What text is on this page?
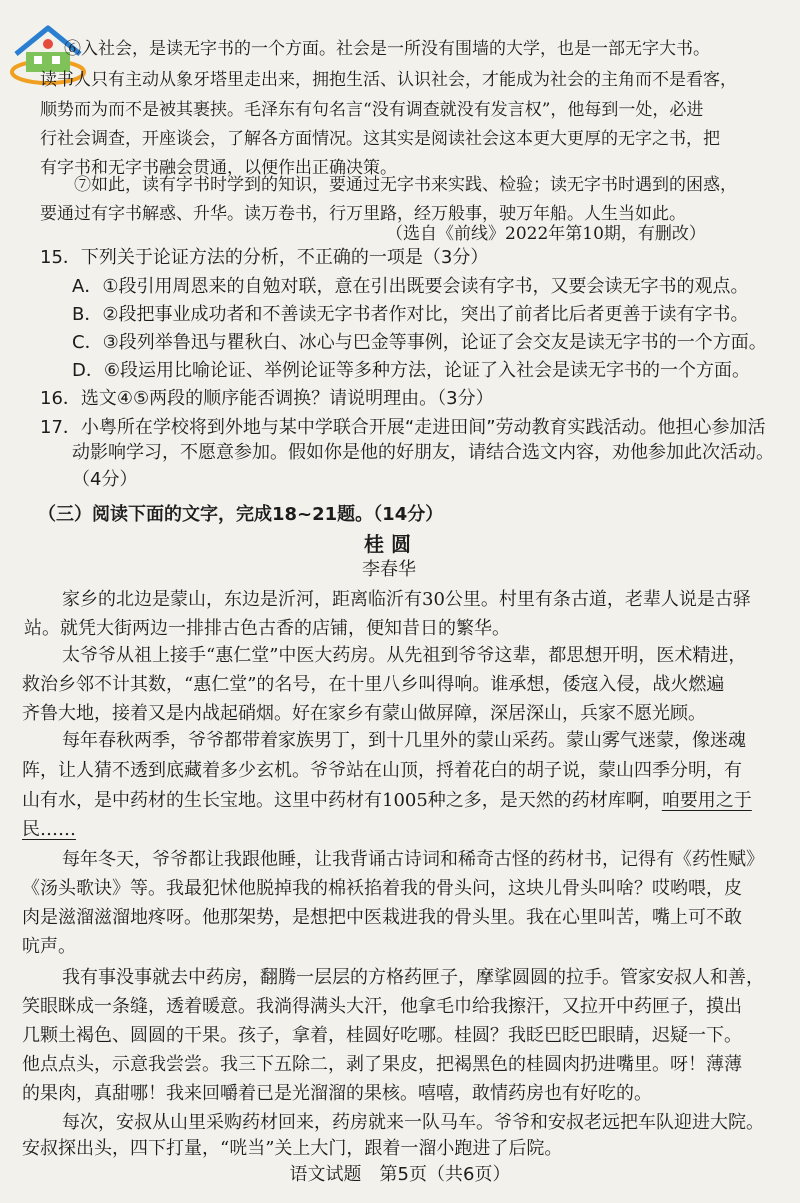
⑥入社会，是读无字书的一个方面。社会是一所没有围墙的大学，也是一部无字大书。
读书人只有主动从象牙塔里走出来，拥抱生活、认识社会，才能成为社会的主角而不是看客，
顺势而为而不是被其裹挟。毛泽东有句名言“没有调查就没有发言权”，他每到一处，必进
行社会调查，开座谈会，了解各方面情况。这其实是阅读社会这本更大更厚的无字之书，把
有字书和无字书融会贯通，以便作出正确决策。
⑦如此，读有字书时学到的知识，要通过无字书来实践、检验；读无字书时遇到的困惑，
要通过有字书解惑、升华。读万卷书，行万里路，经万般事，驶万年船。人生当如此。
（选自《前线》2022年第10期，有删改）
15．下列关于论证方法的分析，不正确的一项是（3分）
A．①段引用周恩来的自勉对联，意在引出既要会读有字书，又要会读无字书的观点。
B．②段把事业成功者和不善读无字书者作对比，突出了前者比后者更善于读有字书。
C．③段列举鲁迅与瞿秋白、冰心与巴金等事例，论证了会交友是读无字书的一个方面。
D．⑥段运用比喻论证、举例论证等多种方法，论证了入社会是读无字书的一个方面。
16．选文④⑤两段的顺序能否调换？请说明理由。（3分）
17．小粤所在学校将到外地与某中学联合开展“走进田间”劳动教育实践活动。他担心参加活
动影响学习，不愿意参加。假如你是他的好朋友，请结合选文内容，劝他参加此次活动。
（4分）
（三）阅读下面的文字，完成18~21题。（14分）
桂 圆
李春华
家乡的北边是蒙山，东边是沂河，距离临沂有30公里。村里有条古道，老辈人说是古驿
站。就凭大街两边一排排古色古香的店铺，便知昔日的繁华。
太爷爷从祖上接手“惠仁堂”中医大药房。从先祖到爷爷这辈，都思想开明，医术精进，
救治乡邻不计其数，“惠仁堂”的名号，在十里八乡叫得响。谁承想，倭寇入侵，战火燃遍
齐鲁大地，接着又是内战起硝烟。好在家乡有蒙山做屏障，深居深山，兵家不愿光顾。
每年春秋两季，爷爷都带着家族男丁，到十几里外的蒙山采药。蒙山雾气迷蒙，像迷魂
阵，让人猜不透到底藏着多少玄机。爷爷站在山顶，捋着花白的胡子说，蒙山四季分明，有
山有水，是中药材的生长宝地。这里中药材有1005种之多，是天然的药材库啊，咱要用之于
民……
每年冬天，爷爷都让我跟他睡，让我背诵古诗词和稀奇古怪的药材书，记得有《药性赋》
《汤头歌诀》等。我最犯怵他脱掉我的棉袄掐着我的骨头问，这块儿骨头叫啥？哎哟喂，皮
肉是滋溜滋溜地疼呀。他那架势，是想把中医栽进我的骨头里。我在心里叫苦，嘴上可不敢
吭声。
我有事没事就去中药房，翻腾一层层的方格药匣子，摩挲圆圆的拉手。管家安叔人和善，
笑眼眯成一条缝，透着暖意。我淌得满头大汗，他拿毛巾给我擦汗，又拉开中药匣子，摸出
几颗土褐色、圆圆的干果。孩子，拿着，桂圆好吃哪。桂圆？我眨巴眨巴眼睛，迟疑一下。
他点点头，示意我尝尝。我三下五除二，剥了果皮，把褐黑色的桂圆肉扔进嘴里。呀！薄薄
的果肉，真甜哪！我来回嚼着已是光溜溜的果核。嘻嘻，敢情药房也有好吃的。
每次，安叔从山里采购药材回来，药房就来一队马车。爷爷和安叔老远把车队迎进大院。
安叔探出头，四下打量，“咣当”关上大门，跟着一溜小跑进了后院。
语文试题　第5页（共6页）
